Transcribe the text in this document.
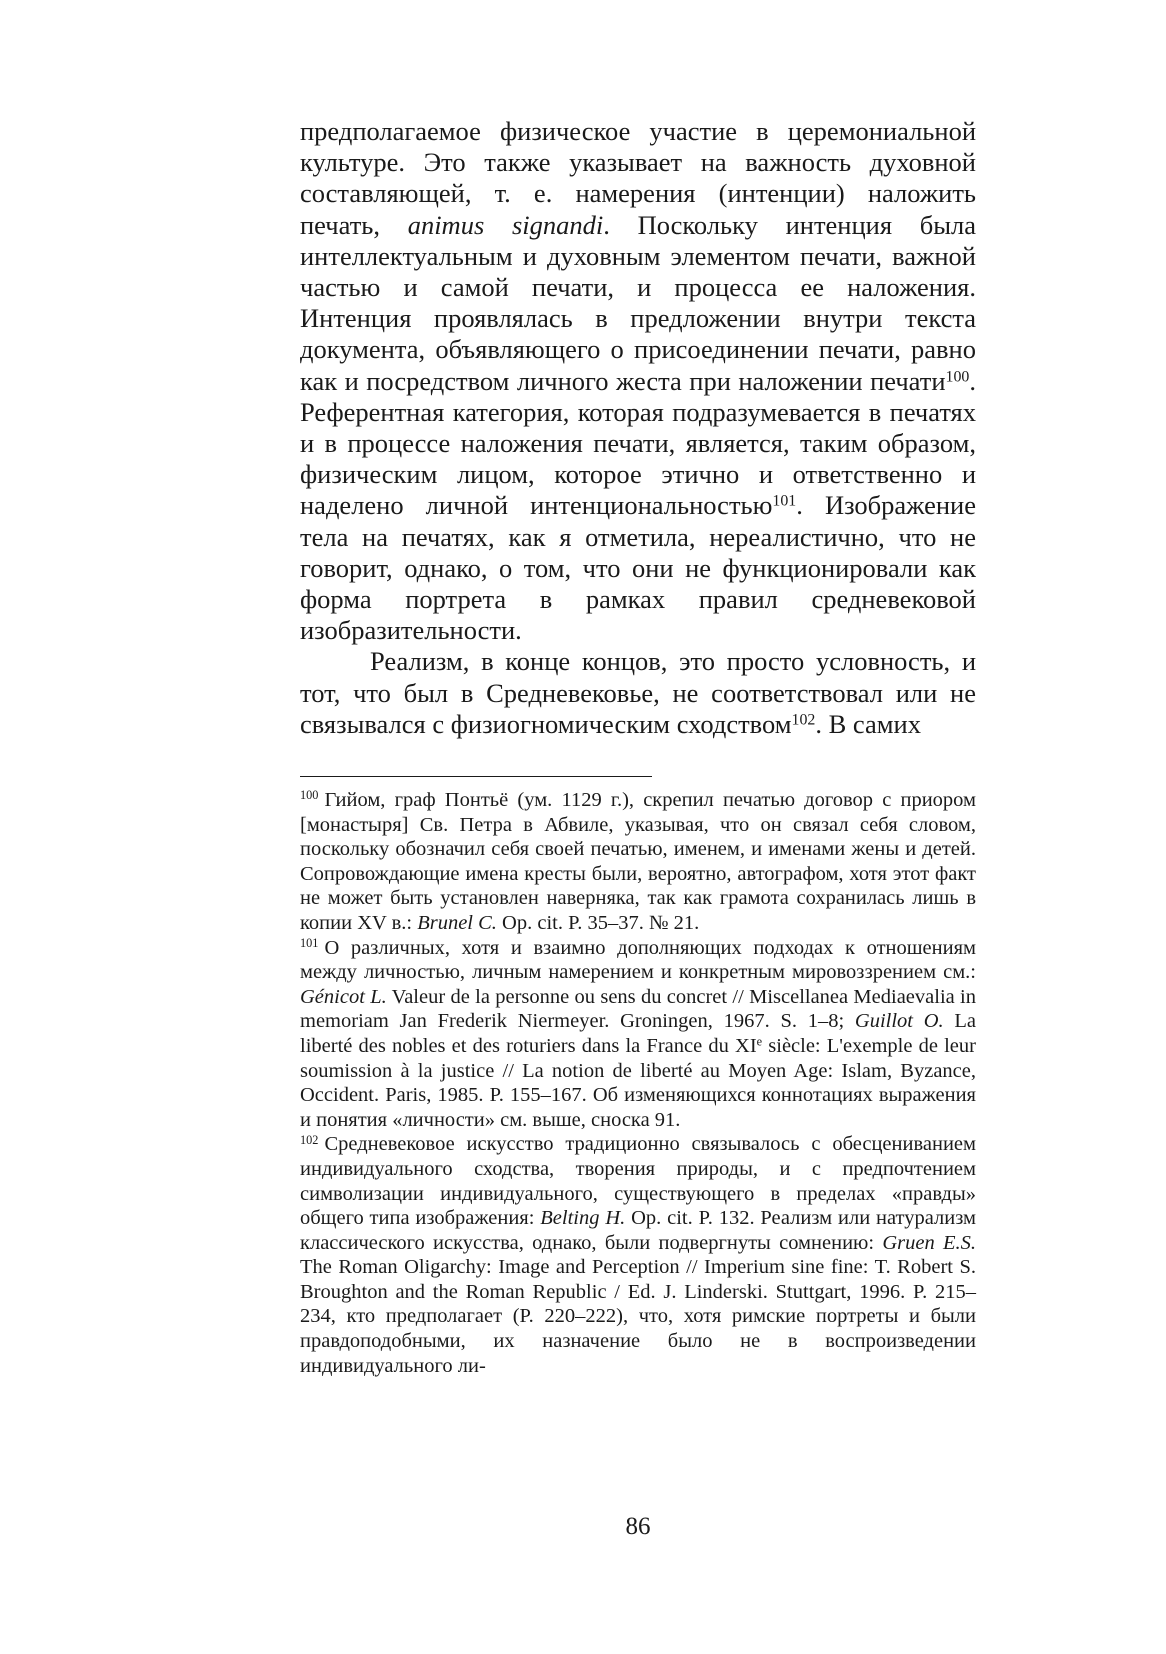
предполагаемое физическое участие в церемониальной культуре. Это также указывает на важность духовной составляющей, т. е. намерения (интенции) наложить печать, animus signandi. Поскольку интенция была интеллектуальным и духовным элементом печати, важной частью и самой печати, и процесса ее наложения. Интенция проявлялась в предложении внутри текста документа, объявляющего о присоединении печати, равно как и посредством личного жеста при наложении печати$^{100}$. Референтная категория, которая подразумевается в печатях и в процессе наложения печати, является, таким образом, физическим лицом, которое этично и ответственно и наделено личной интенциональностью$^{101}$. Изображение тела на печатях, как я отметила, нереалистично, что не говорит, однако, о том, что они не функционировали как форма портрета в рамках правил средневековой изобразительности.

Реализм, в конце концов, это просто условность, и тот, что был в Средневековье, не соответствовал или не связывался с физиогномическим сходством$^{102}$. В самих

$^{100}$ Гийом, граф Понтьё (ум. 1129 г.), скрепил печатью договор с приором [монастыря] Св. Петра в Абвиле, указывая, что он связал себя словом, поскольку обозначил себя своей печатью, именем, и именами жены и детей. Сопровождающие имена кресты были, вероятно, автографом, хотя этот факт не может быть установлен наверняка, так как грамота сохранилась лишь в копии XV в.: Brunel C. Op. cit. P. 35–37. № 21.

$^{101}$ О различных, хотя и взаимно дополняющих подходах к отношениям между личностью, личным намерением и конкретным мировоззрением см.: Génicot L. Valeur de la personne ou sens du concret // Miscellanea Mediaevalia in memoriam Jan Frederik Niermeyer. Groningen, 1967. S. 1–8; Guillot O. La liberté des nobles et des roturiers dans la France du XIe siècle: L'exemple de leur soumission à la justice // La notion de liberté au Moyen Age: Islam, Byzance, Occident. Paris, 1985. P. 155–167. Об изменяющихся коннотациях выражения и понятия «личности» см. выше, сноска 91.

$^{102}$ Средневековое искусство традиционно связывалось с обесцениванием индивидуального сходства, творения природы, и с предпочтением символизации индивидуального, существующего в пределах «правды» общего типа изображения: Belting H. Op. cit. P. 132. Реализм или натурализм классического искусства, однако, были подвергнуты сомнению: Gruen E.S. The Roman Oligarchy: Image and Perception // Imperium sine fine: T. Robert S. Broughton and the Roman Republic / Ed. J. Linderski. Stuttgart, 1996. P. 215–234, кто предполагает (P. 220–222), что, хотя римские портреты и были правдоподобными, их назначение было не в воспроизведении индивидуального ли-

86
